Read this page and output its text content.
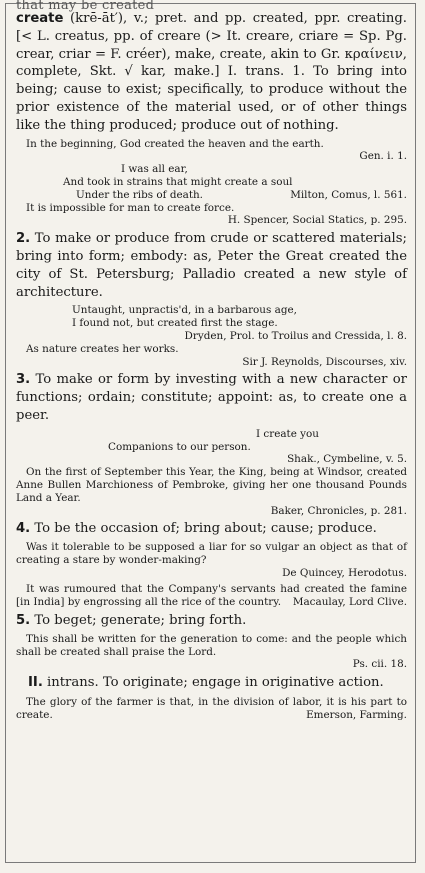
that may be created

create (krē-āt′), v.; pret. and pp. created, ppr. creating. [< L. creatus, pp. of creare (> It. creare, criare = Sp. Pg. crear, criar = F. créer), make, create, akin to Gr. κραίνειν, complete, Skt. √ kar, make.] I. trans. 1. To bring into being; cause to exist; specifically, to produce without the prior existence of the material used, or of other things like the thing produced; produce out of nothing.

In the beginning, God created the heaven and the earth.

Gen. i. 1.

I was all ear,

And took in strains that might create a soul

Under the ribs of death.	Milton, Comus, l. 561.

It is impossible for man to create force.

H. Spencer, Social Statics, p. 295.

2. To make or produce from crude or scattered materials; bring into form; embody: as, Peter the Great created the city of St. Petersburg; Palladio created a new style of architecture.

Untaught, unpractis'd, in a barbarous age,

I found not, but created first the stage.

Dryden, Prol. to Troilus and Cressida, l. 8.

As nature creates her works.

Sir J. Reynolds, Discourses, xiv.

3. To make or form by investing with a new character or functions; ordain; constitute; appoint: as, to create one a peer.

I create you

Companions to our person.

Shak., Cymbeline, v. 5.

On the first of September this Year, the King, being at Windsor, created Anne Bullen Marchioness of Pembroke, giving her one thousand Pounds Land a Year.

Baker, Chronicles, p. 281.

4. To be the occasion of; bring about; cause; produce.

Was it tolerable to be supposed a liar for so vulgar an object as that of creating a stare by wonder-making?

De Quincey, Herodotus.

It was rumoured that the Company's servants had created the famine [in India] by engrossing all the rice of the country.	Macaulay, Lord Clive.

5. To beget; generate; bring forth.

This shall be written for the generation to come: and the people which shall be created shall praise the Lord.

Ps. cii. 18.

II. intrans. To originate; engage in originative action.

The glory of the farmer is that, in the division of labor, it is his part to create.	Emerson, Farming.
